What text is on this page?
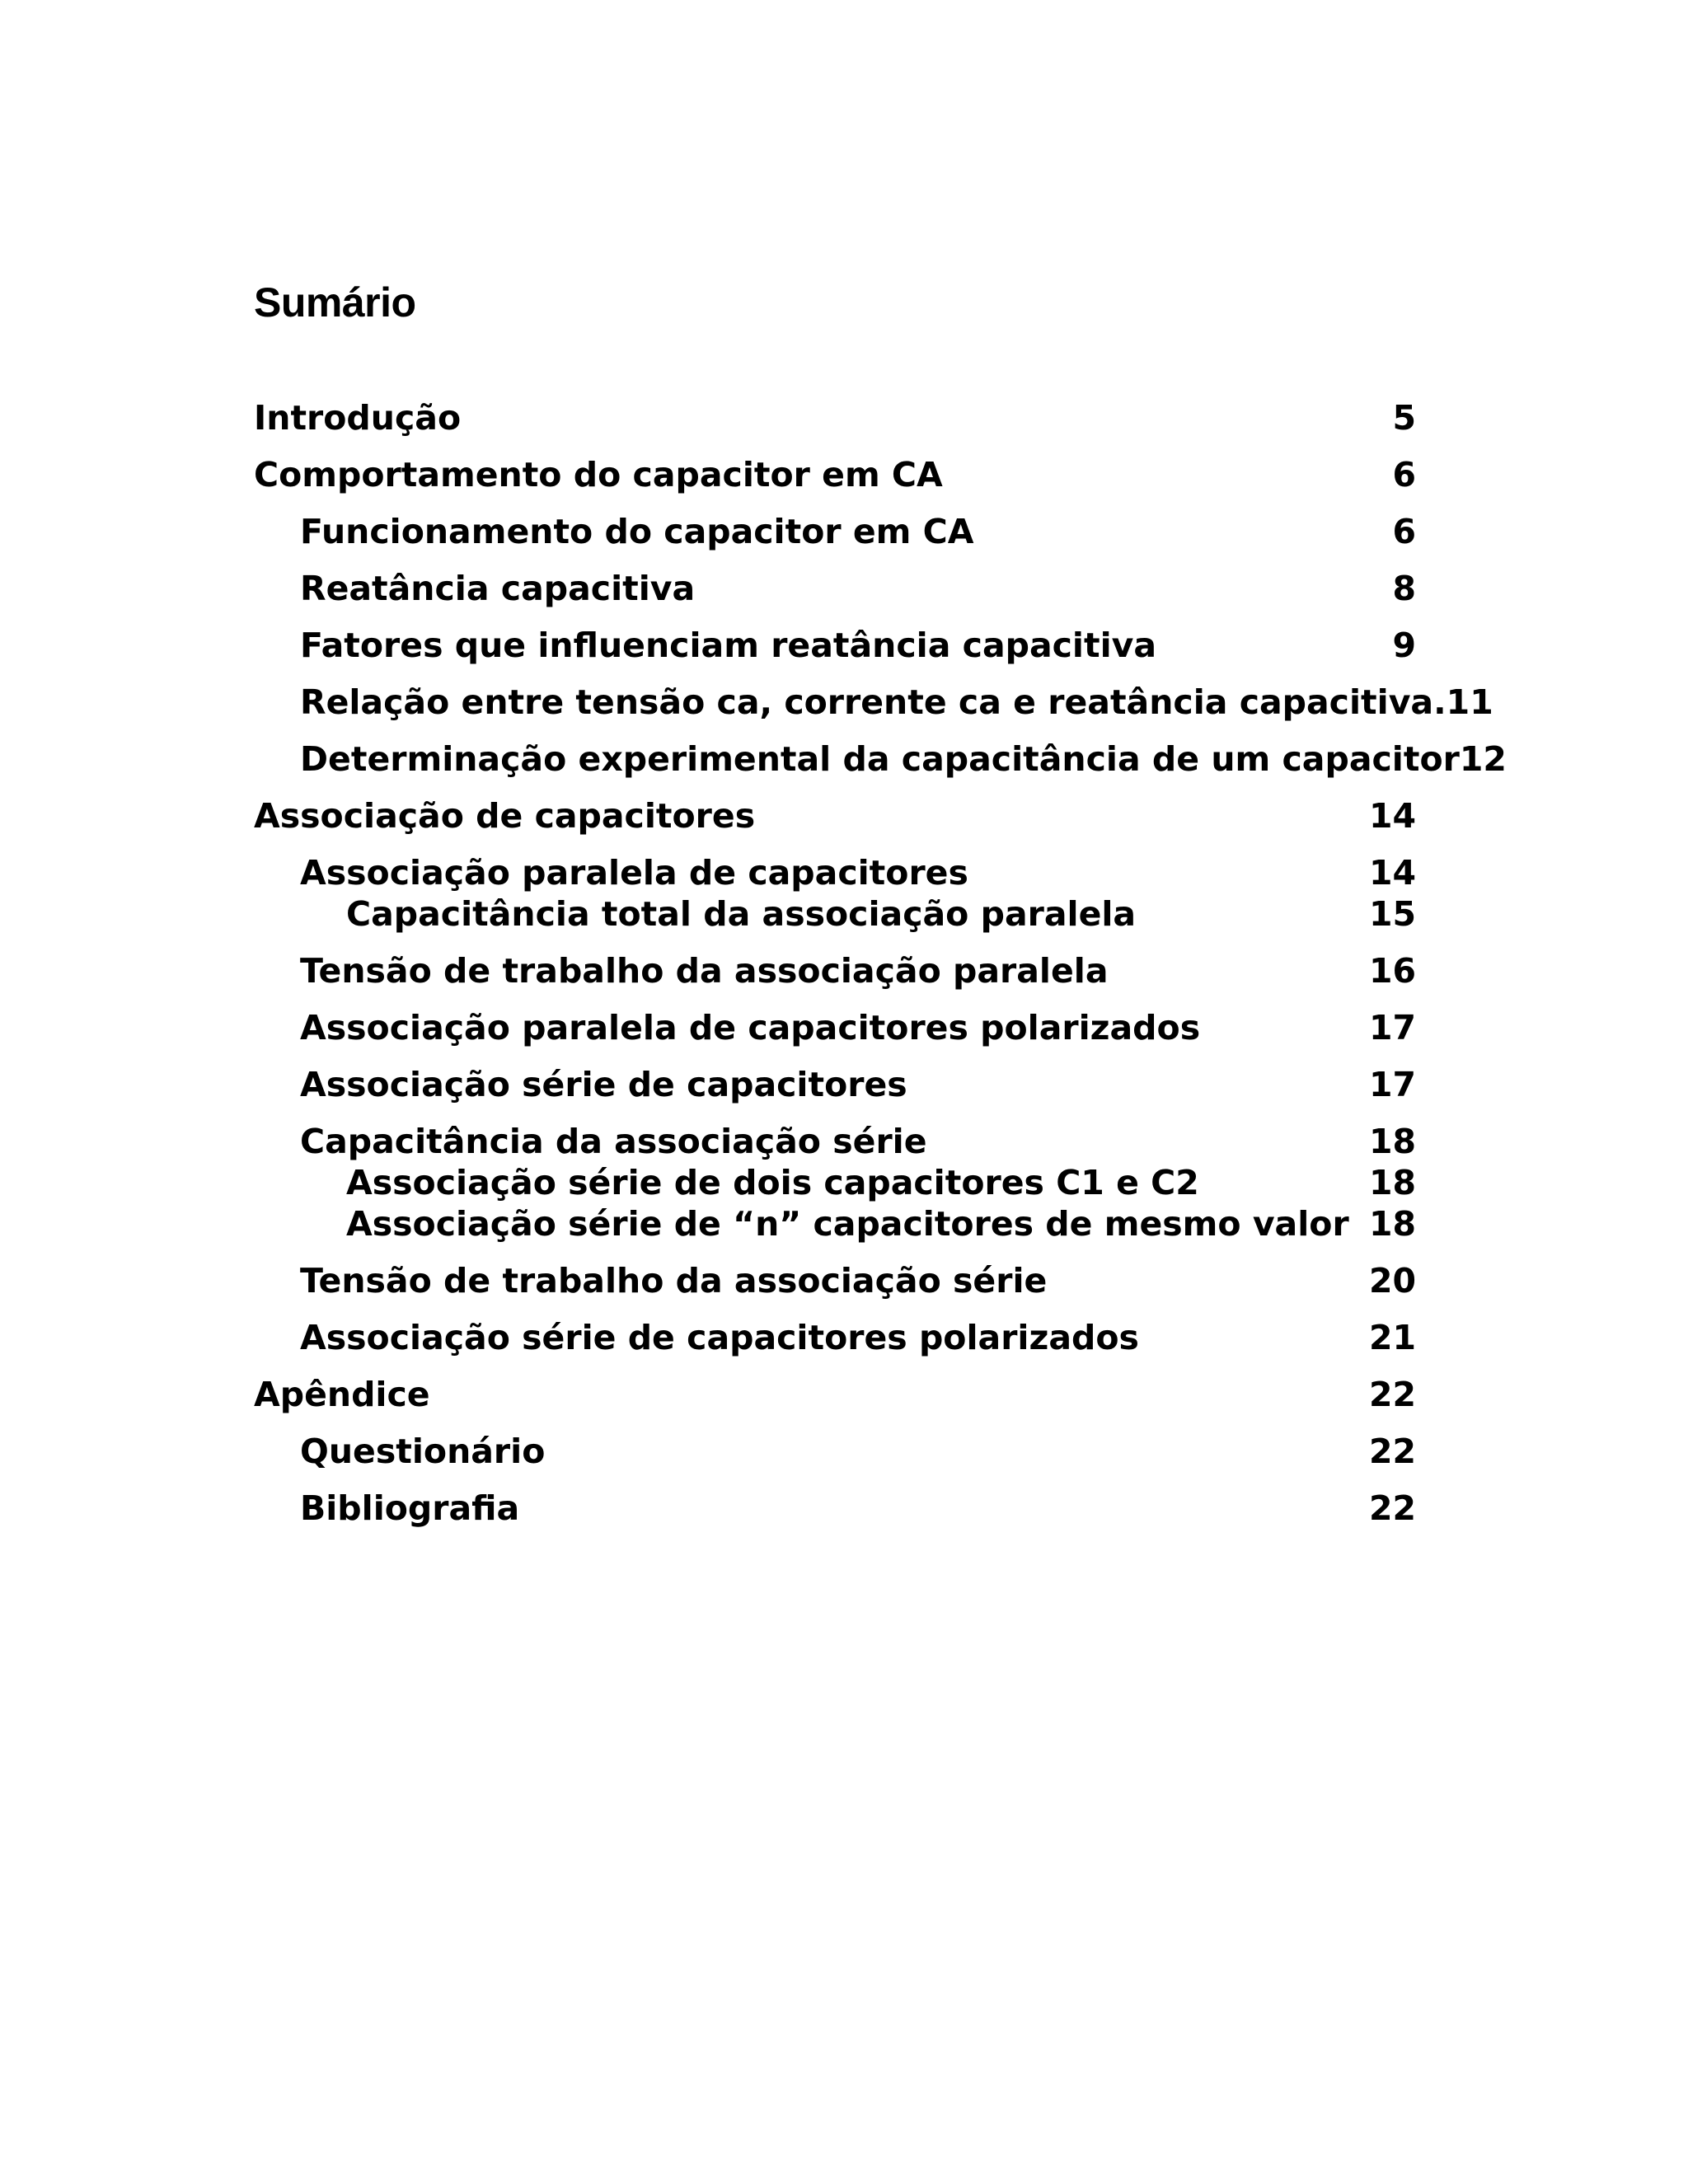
Sumário
Introdução	5
Comportamento do capacitor em CA	6
Funcionamento do capacitor em CA	6
Reatância capacitiva	8
Fatores que influenciam reatância capacitiva	9
Relação entre tensão ca, corrente ca e reatância capacitiva. 11
Determinação experimental da capacitância de um capacitor 12
Associação de capacitores	14
Associação paralela de capacitores	14
Capacitância total da associação paralela	15
Tensão de trabalho da associação paralela	16
Associação paralela de capacitores polarizados	17
Associação série de capacitores	17
Capacitância da associação série	18
Associação série de dois capacitores C1 e C2	18
Associação série de “n” capacitores de mesmo valor 18
Tensão de trabalho da associação série	20
Associação série de capacitores polarizados	21
Apêndice	22
Questionário	22
Bibliografia	22
